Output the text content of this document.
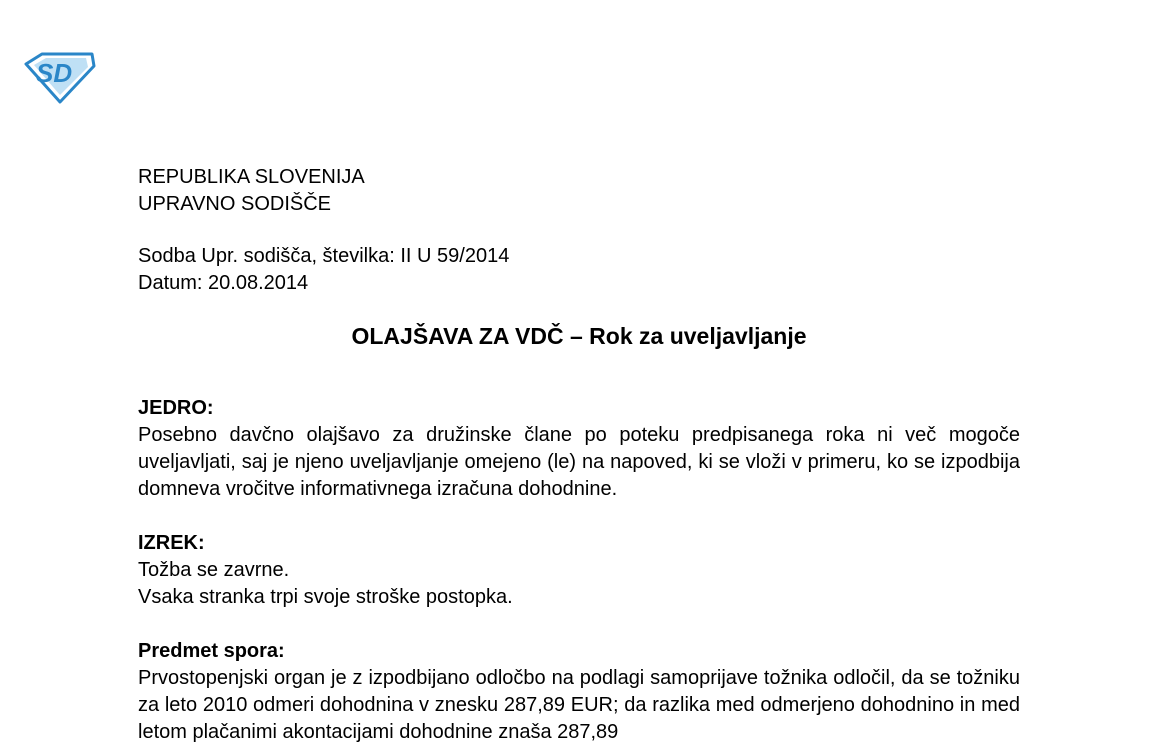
SD
REPUBLIKA SLOVENIJA
UPRAVNO SODIŠČE
Sodba Upr. sodišča, številka: II U 59/2014
Datum: 20.08.2014
OLAJŠAVA ZA VDČ – Rok za uveljavljanje
JEDRO:
Posebno davčno olajšavo za družinske člane po poteku predpisanega roka ni več mogoče uveljavljati, saj je njeno uveljavljanje omejeno (le) na napoved, ki se vloži v primeru, ko se izpodbija domneva vročitve informativnega izračuna dohodnine.
IZREK:
Tožba se zavrne.
Vsaka stranka trpi svoje stroške postopka.
Predmet spora:
Prvostopenjski organ je z izpodbijano odločbo na podlagi samoprijave tožnika odločil, da se tožniku za leto 2010 odmeri dohodnina v znesku 287,89 EUR; da razlika med odmerjeno dohodnino in med letom plačanimi akontacijami dohodnine znaša 287,89
